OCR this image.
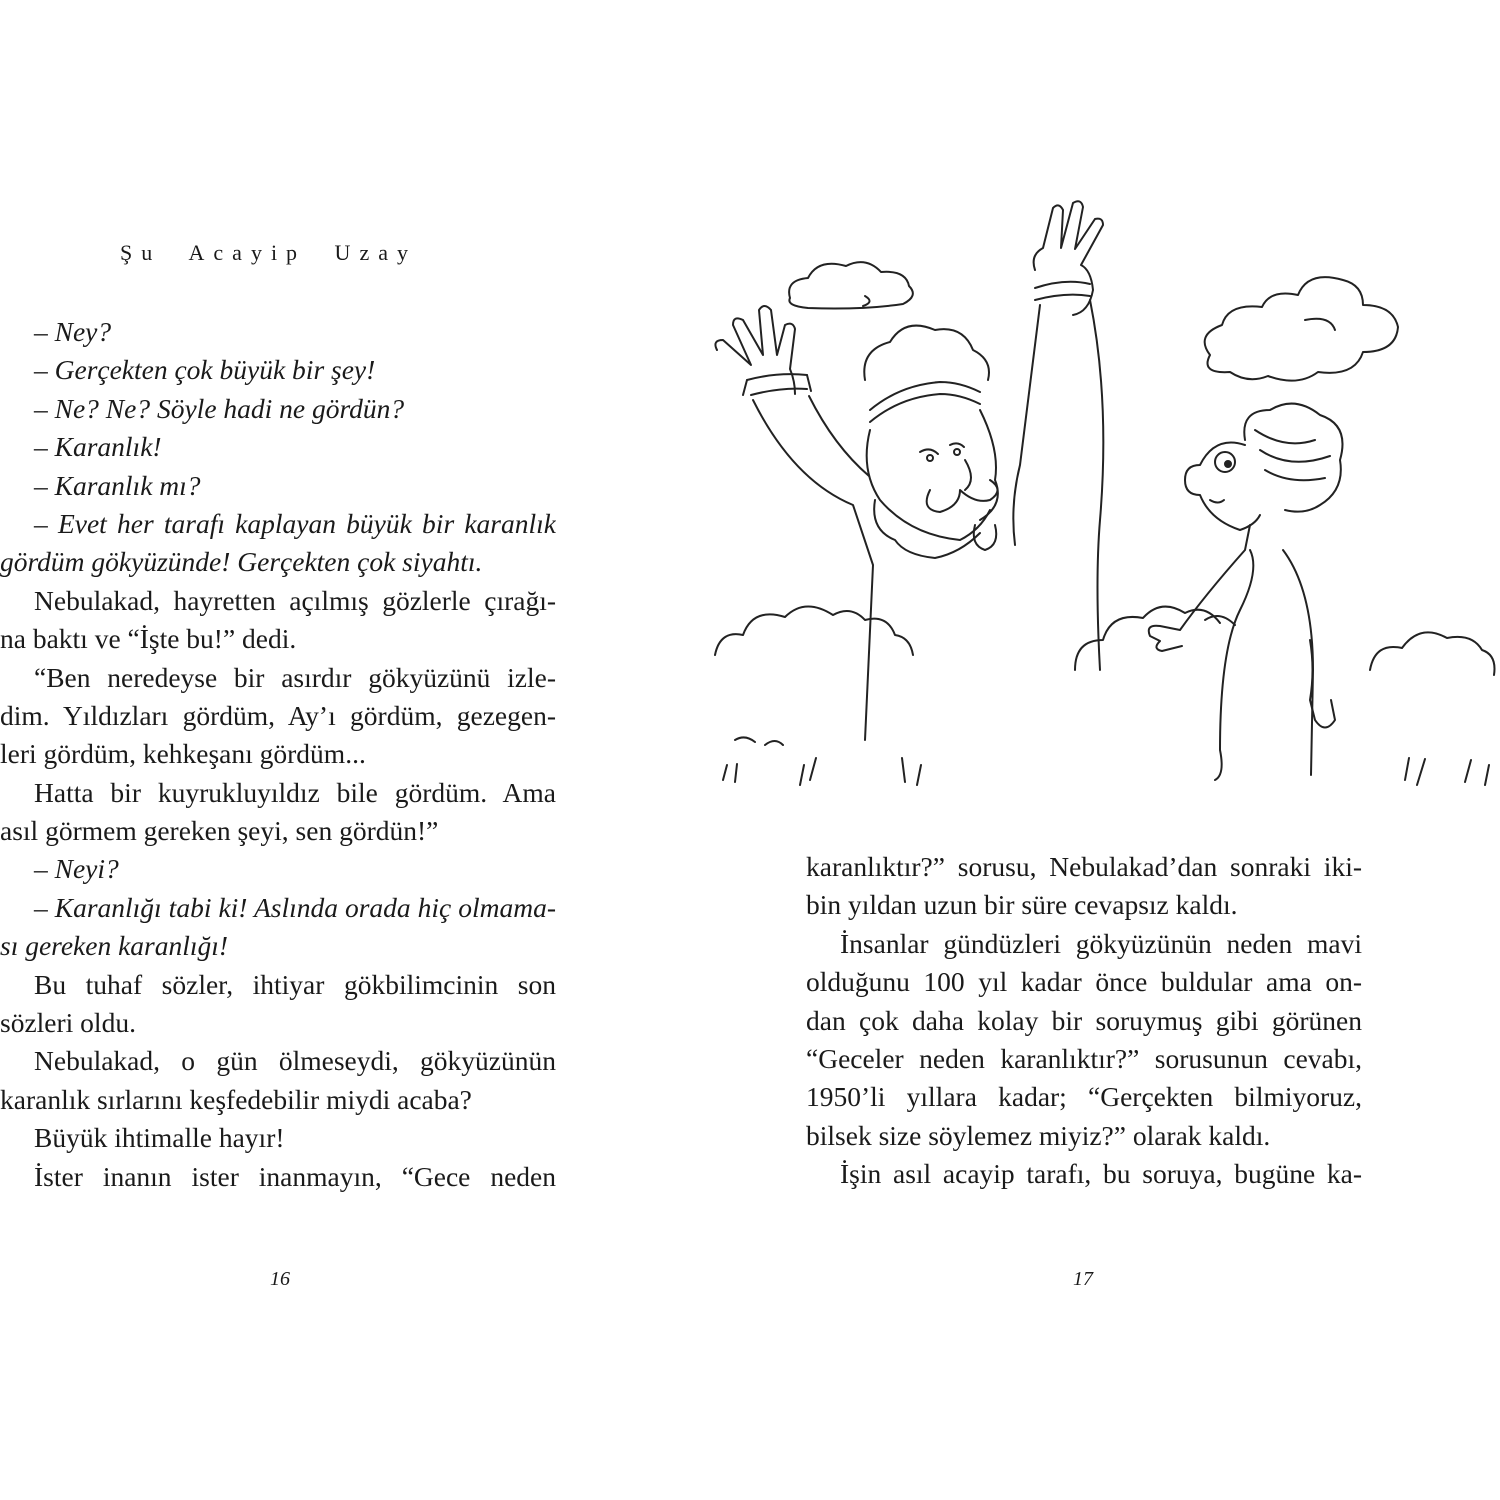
Şu Acayip Uzay
– Ney?
– Gerçekten çok büyük bir şey!
– Ne? Ne? Söyle hadi ne gördün?
– Karanlık!
– Karanlık mı?
– Evet her tarafı kaplayan büyük bir karanlık
gördüm gökyüzünde! Gerçekten çok siyahtı.
Nebulakad, hayretten açılmış gözlerle çırağı-
na baktı ve “İşte bu!” dedi.
“Ben neredeyse bir asırdır gökyüzünü izle-
dim. Yıldızları gördüm, Ay’ı gördüm, gezegen-
leri gördüm, kehkeşanı gördüm...
Hatta bir kuyrukluyıldız bile gördüm. Ama
asıl görmem gereken şeyi, sen gördün!”
– Neyi?
– Karanlığı tabi ki! Aslında orada hiç olmama-
sı gereken karanlığı!
Bu tuhaf sözler, ihtiyar gökbilimcinin son
sözleri oldu.
Nebulakad, o gün ölmeseydi, gökyüzünün
karanlık sırlarını keşfedebilir miydi acaba?
Büyük ihtimalle hayır!
İster inanın ister inanmayın, “Gece neden
karanlıktır?” sorusu, Nebulakad’dan sonraki iki-
bin yıldan uzun bir süre cevapsız kaldı.
İnsanlar gündüzleri gökyüzünün neden mavi
olduğunu 100 yıl kadar önce buldular ama on-
dan çok daha kolay bir soruymuş gibi görünen
“Geceler neden karanlıktır?” sorusunun cevabı,
1950’li yıllara kadar; “Gerçekten bilmiyoruz,
bilsek size söylemez miyiz?” olarak kaldı.
İşin asıl acayip tarafı, bu soruya, bugüne ka-
16	17
